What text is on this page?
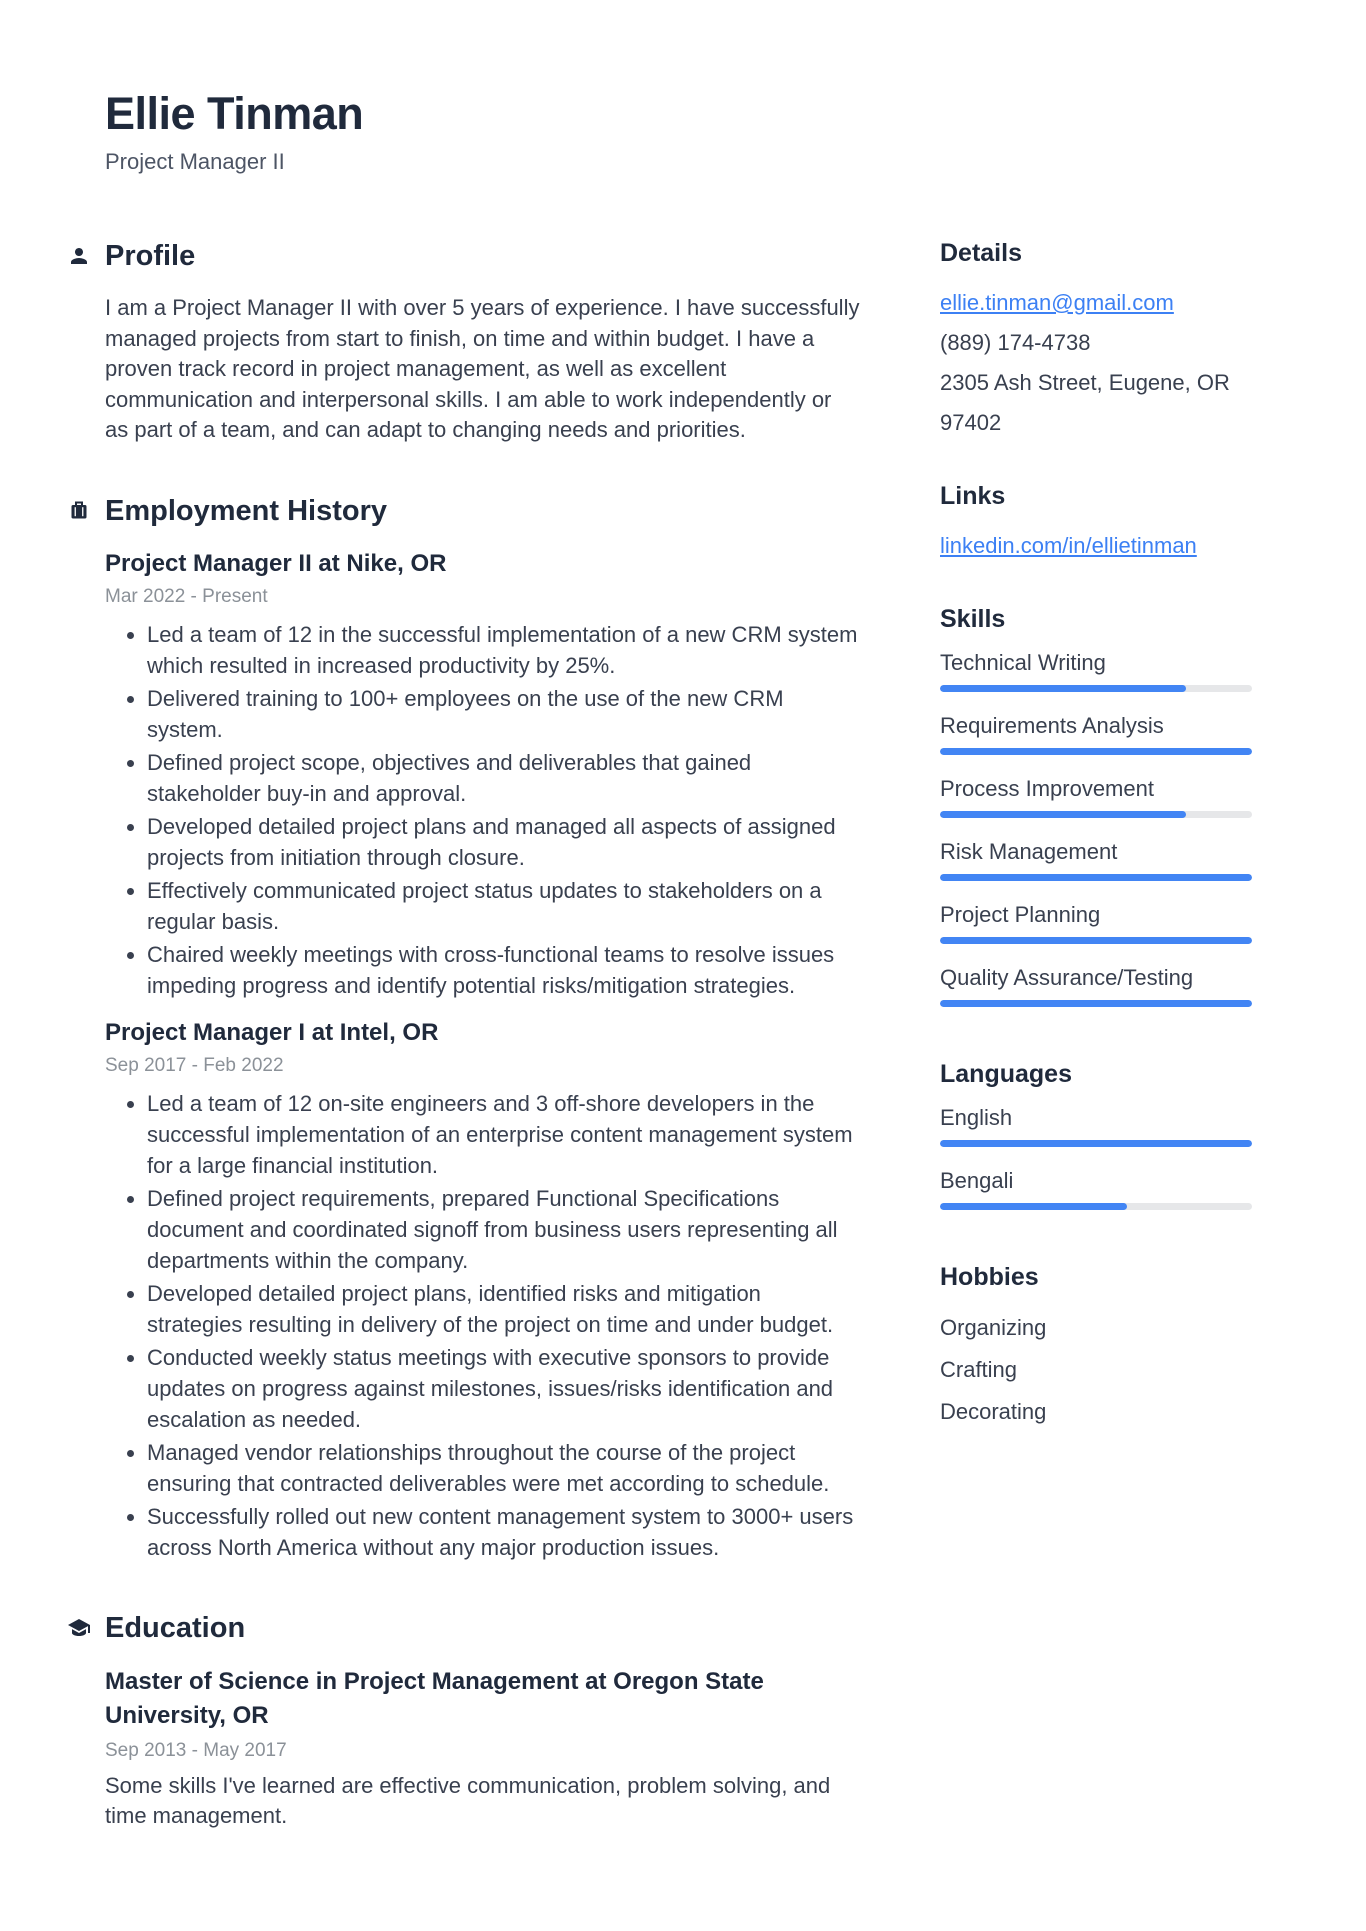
Ellie Tinman
Project Manager II
Profile

I am a Project Manager II with over 5 years of experience. I have successfully managed projects from start to finish, on time and within budget. I have a proven track record in project management, as well as excellent communication and interpersonal skills. I am able to work independently or as part of a team, and can adapt to changing needs and priorities.

Employment History
Project Manager II at Nike, OR
Mar 2022 - Present
• Led a team of 12 in the successful implementation of a new CRM system which resulted in increased productivity by 25%.
• Delivered training to 100+ employees on the use of the new CRM system.
• Defined project scope, objectives and deliverables that gained stakeholder buy-in and approval.
• Developed detailed project plans and managed all aspects of assigned projects from initiation through closure.
• Effectively communicated project status updates to stakeholders on a regular basis.
• Chaired weekly meetings with cross-functional teams to resolve issues impeding progress and identify potential risks/mitigation strategies.
Project Manager I at Intel, OR
Sep 2017 - Feb 2022
• Led a team of 12 on-site engineers and 3 off-shore developers in the successful implementation of an enterprise content management system for a large financial institution.
• Defined project requirements, prepared Functional Specifications document and coordinated signoff from business users representing all departments within the company.
• Developed detailed project plans, identified risks and mitigation strategies resulting in delivery of the project on time and under budget.
• Conducted weekly status meetings with executive sponsors to provide updates on progress against milestones, issues/risks identification and escalation as needed.
• Managed vendor relationships throughout the course of the project ensuring that contracted deliverables were met according to schedule.
• Successfully rolled out new content management system to 3000+ users across North America without any major production issues.
Education
Master of Science in Project Management at Oregon State University, OR
Sep 2013 - May 2017

Some skills I've learned are effective communication, problem solving, and time management.

Details
ellie.tinman@gmail.com
(889) 174-4738
2305 Ash Street, Eugene, OR 97402
Links
linkedin.com/in/ellietinman
Skills
Technical Writing
Requirements Analysis
Process Improvement
Risk Management
Project Planning
Quality Assurance/Testing
Languages
English
Bengali
Hobbies
Organizing
Crafting
Decorating
